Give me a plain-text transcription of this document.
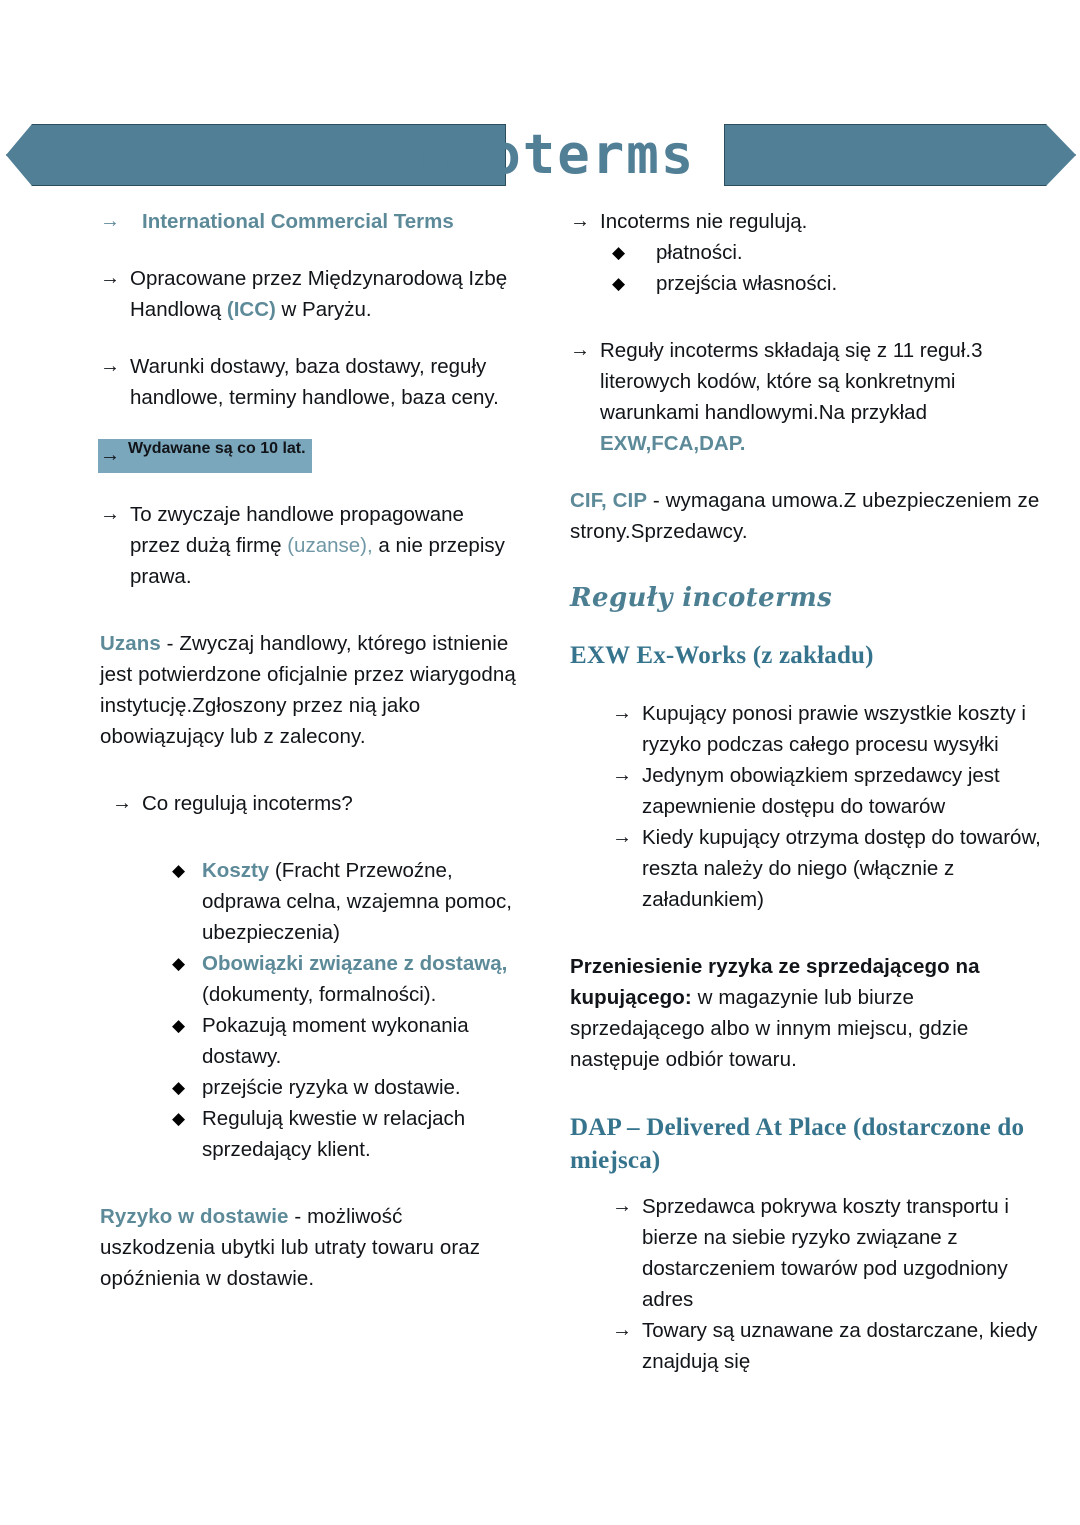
Incoterms
→	International Commercial Terms
→ Opracowane przez Międzynarodową Izbę Handlową (ICC) w Paryżu.
→ Warunki dostawy, baza dostawy, reguły handlowe, terminy handlowe, baza ceny.
→ Wydawane są co 10 lat.
→ To zwyczaje handlowe propagowane przez dużą firmę (uzanse), a nie przepisy prawa.

Uzans - Zwyczaj handlowy, którego istnienie jest potwierdzone oficjalnie przez wiarygodną instytucję.Zgłoszony przez nią jako obowiązujący lub z zalecony.

→ Co regulują incoterms?
◆ Koszty (Fracht Przewoźne, odprawa celna, wzajemna pomoc, ubezpieczenia)
◆ Obowiązki związane z dostawą, (dokumenty, formalności).
◆ Pokazują moment wykonania dostawy.
◆ przejście ryzyka w dostawie.
◆ Regulują kwestie w relacjach sprzedający klient.

Ryzyko w dostawie - możliwość uszkodzenia ubytki lub utraty towaru oraz opóźnienia w dostawie.

→ Incoterms nie regulują.
◆	płatności.
◆	przejścia własności.
→ Reguły incoterms składają się z 11 reguł.3 literowych kodów, które są konkretnymi warunkami handlowymi.Na przykład EXW,FCA,DAP.

CIF, CIP - wymagana umowa.Z ubezpieczeniem ze strony.Sprzedawcy.

Reguły incoterms
EXW Ex-Works (z zakładu)
→ Kupujący ponosi prawie wszystkie koszty i ryzyko podczas całego procesu wysyłki
→ Jedynym obowiązkiem sprzedawcy jest zapewnienie dostępu do towarów
→ Kiedy kupujący otrzyma dostęp do towarów, reszta należy do niego (włącznie z załadunkiem)

Przeniesienie ryzyka ze sprzedającego na kupującego: w magazynie lub biurze sprzedającego albo w innym miejscu, gdzie następuje odbiór towaru.

DAP – Delivered At Place (dostarczone do miejsca)
→ Sprzedawca pokrywa koszty transportu i bierze na siebie ryzyko związane z dostarczeniem towarów pod uzgodniony adres
→ Towary są uznawane za dostarczane, kiedy znajdują się
